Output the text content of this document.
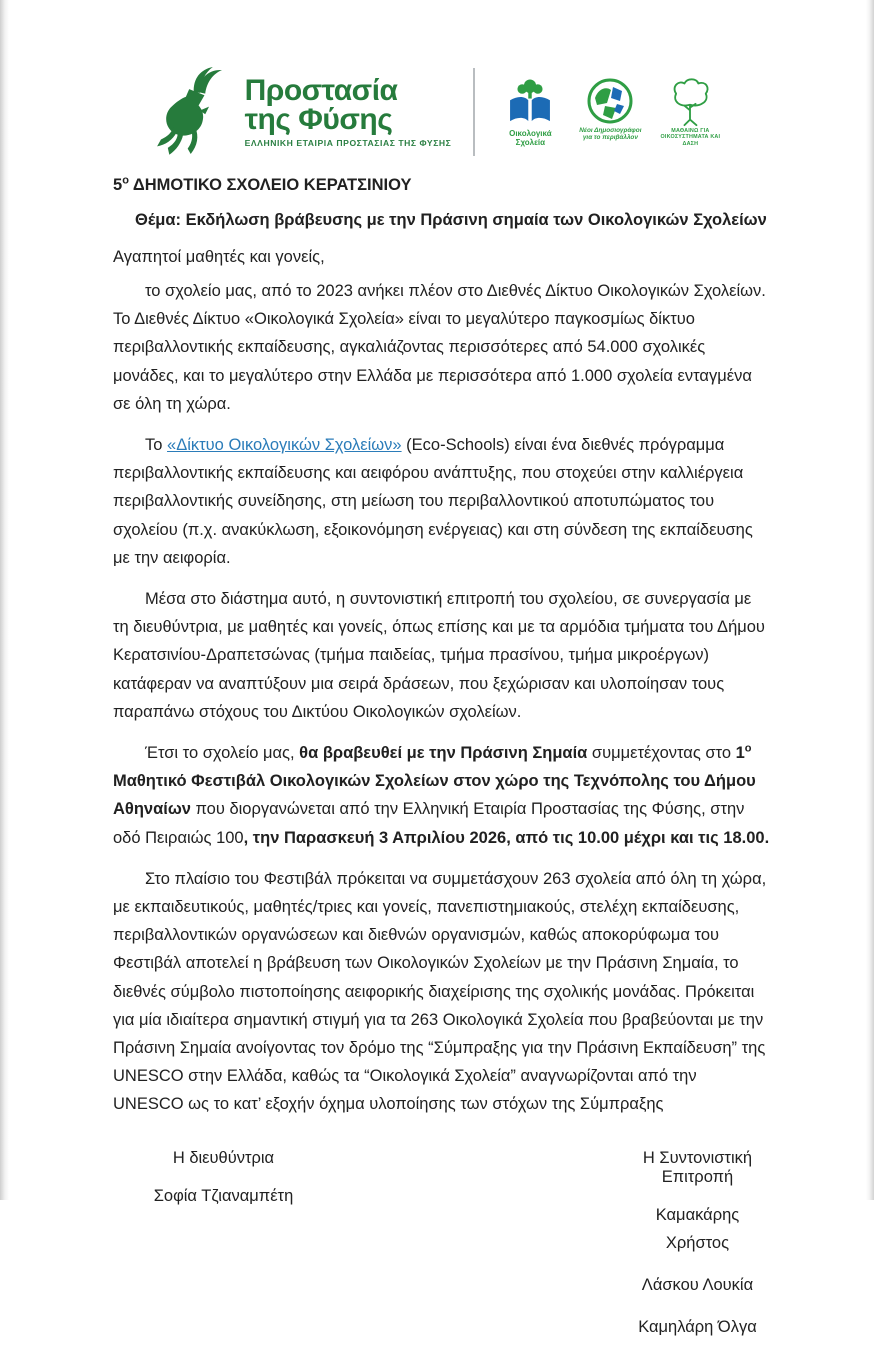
Προστασία
της Φύσης
ΕΛΛΗΝΙΚΗ ΕΤΑΙΡΙΑ ΠΡΟΣΤΑΣΙΑΣ ΤΗΣ ΦΥΣΗΣ
Οικολογικά Σχολεία
Νέοι Δημοσιογράφοι για το περιβάλλον
ΜΑΘΑΙΝΩ ΓΙΑ ΟΙΚΟΣΥΣΤΗΜΑΤΑ ΚΑΙ ΔΑΣΗ
$5^o$ ΔΗΜΟΤΙΚΟ ΣΧΟΛΕΙΟ ΚΕΡΑΤΣΙΝΙΟΥ
Θέμα: Εκδήλωση βράβευσης με την Πράσινη σημαία των Οικολογικών Σχολείων
Αγαπητοί μαθητές και γονείς,

το σχολείο μας, από το 2023 ανήκει πλέον στο Διεθνές Δίκτυο Οικολογικών Σχολείων. Το Διεθνές Δίκτυο «Οικολογικά Σχολεία» είναι το μεγαλύτερο παγκοσμίως δίκτυο περιβαλλοντικής εκπαίδευσης, αγκαλιάζοντας περισσότερες από 54.000 σχολικές μονάδες, και το μεγαλύτερο στην Ελλάδα με περισσότερα από 1.000 σχολεία ενταγμένα σε όλη τη χώρα.

Το «Δίκτυο Οικολογικών Σχολείων» (Eco-Schools) είναι ένα διεθνές πρόγραμμα περιβαλλοντικής εκπαίδευσης και αειφόρου ανάπτυξης, που στοχεύει στην καλλιέργεια περιβαλλοντικής συνείδησης, στη μείωση του περιβαλλοντικού αποτυπώματος του σχολείου (π.χ. ανακύκλωση, εξοικονόμηση ενέργειας) και στη σύνδεση της εκπαίδευσης με την αειφορία.

Μέσα στο διάστημα αυτό, η συντονιστική επιτροπή του σχολείου, σε συνεργασία με τη διευθύντρια, με μαθητές και γονείς, όπως επίσης και με τα αρμόδια τμήματα του Δήμου Κερατσινίου-Δραπετσώνας (τμήμα παιδείας, τμήμα πρασίνου, τμήμα μικροέργων) κατάφεραν να αναπτύξουν μια σειρά δράσεων, που ξεχώρισαν και υλοποίησαν τους παραπάνω στόχους του Δικτύου Οικολογικών σχολείων.

Έτσι το σχολείο μας, θα βραβευθεί με την Πράσινη Σημαία συμμετέχοντας στο $1^o$ Μαθητικό Φεστιβάλ Οικολογικών Σχολείων στον χώρο της Τεχνόπολης του Δήμου Αθηναίων που διοργανώνεται από την Ελληνική Εταιρία Προστασίας της Φύσης, στην οδό Πειραιώς 100, την Παρασκευή 3 Απριλίου 2026, από τις 10.00 μέχρι και τις 18.00.

Στο πλαίσιο του Φεστιβάλ πρόκειται να συμμετάσχουν 263 σχολεία από όλη τη χώρα, με εκπαιδευτικούς, μαθητές/τριες και γονείς, πανεπιστημιακούς, στελέχη εκπαίδευσης, περιβαλλοντικών οργανώσεων και διεθνών οργανισμών, καθώς αποκορύφωμα του Φεστιβάλ αποτελεί η βράβευση των Οικολογικών Σχολείων με την Πράσινη Σημαία, το διεθνές σύμβολο πιστοποίησης αειφορικής διαχείρισης της σχολικής μονάδας. Πρόκειται για μία ιδιαίτερα σημαντική στιγμή για τα 263 Οικολογικά Σχολεία που βραβεύονται με την Πράσινη Σημαία ανοίγοντας τον δρόμο της “Σύμπραξης για την Πράσινη Εκπαίδευση” της UNESCO στην Ελλάδα, καθώς τα “Οικολογικά Σχολεία” αναγνωρίζονται από την UNESCO ως το κατ’ εξοχήν όχημα υλοποίησης των στόχων της Σύμπραξης

Η διευθύντρια
Σοφία Τζιαναμπέτη
Η Συντονιστική Επιτροπή
Καμακάρης Χρήστος
Λάσκου Λουκία
Καμηλάρη Όλγα
